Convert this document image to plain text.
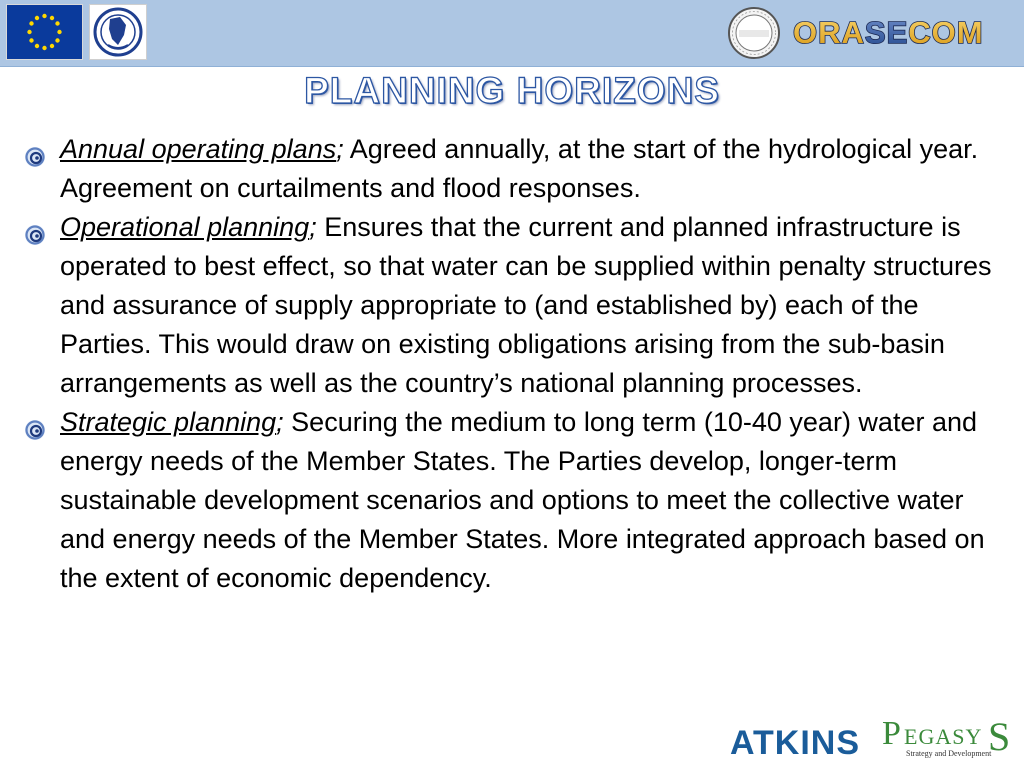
ORASECOM
PLANNING HORIZONS
Annual operating plans; Agreed annually, at the start of the hydrological year. Agreement on curtailments and flood responses.
Operational planning; Ensures that the current and planned infrastructure is operated to best effect, so that water can be supplied within penalty structures and assurance of supply appropriate to (and established by) each of the Parties. This would draw on existing obligations arising from the sub-basin arrangements as well as the country’s national planning processes.
Strategic planning; Securing the medium to long term (10-40 year) water and energy needs of the Member States. The Parties develop, longer-term sustainable development scenarios and options to meet the collective water and energy needs of the Member States. More integrated approach based on the extent of economic dependency.
ATKINS P EGASY S
Strategy and Development
